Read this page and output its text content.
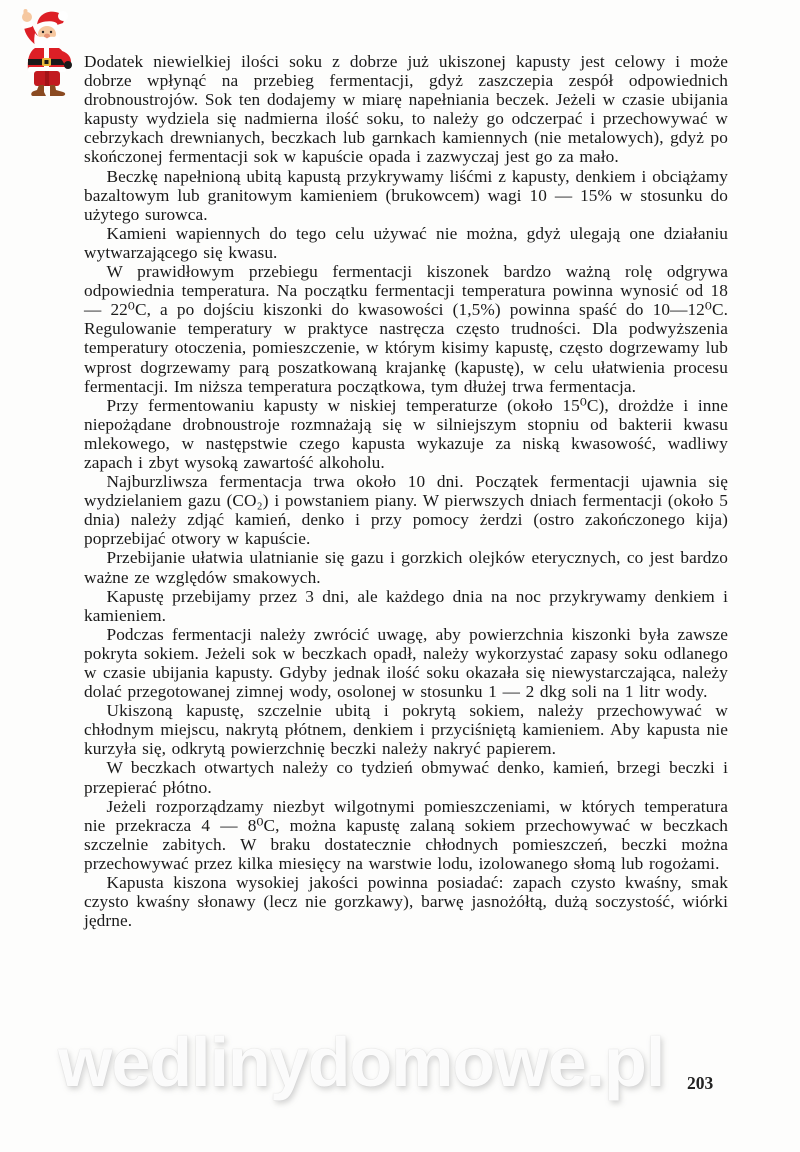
Dodatek niewielkiej ilości soku z dobrze już ukiszonej kapusty jest celowy i może dobrze wpłynąć na przebieg fermentacji, gdyż zaszczepia zespół odpowiednich drobnoustrojów. Sok ten dodajemy w miarę napełniania beczek. Jeżeli w czasie ubijania kapusty wydziela się nadmierna ilość soku, to należy go odczerpać i przechowywać w cebrzykach drewnianych, beczkach lub garnkach kamiennych (nie metalowych), gdyż po skończonej fermentacji sok w kapuście opada i zazwyczaj jest go za mało.

Beczkę napełnioną ubitą kapustą przykrywamy liśćmi z kapusty, denkiem i obciążamy bazaltowym lub granitowym kamieniem (brukowcem) wagi 10 — 15% w stosunku do użytego surowca.

Kamieni wapiennych do tego celu używać nie można, gdyż ulegają one działaniu wytwarzającego się kwasu.

W prawidłowym przebiegu fermentacji kiszonek bardzo ważną rolę odgrywa odpowiednia temperatura. Na początku fermentacji temperatura powinna wynosić od 18 — 22⁰C, a po dojściu kiszonki do kwasowości (1,5%) powinna spaść do 10—12⁰C. Regulowanie temperatury w praktyce nastręcza często trudności. Dla podwyższenia temperatury otoczenia, pomieszczenie, w którym kisimy kapustę, często dogrzewamy lub wprost dogrzewamy parą poszatkowaną krajankę (kapustę), w celu ułatwienia procesu fermentacji. Im niższa temperatura początkowa, tym dłużej trwa fermentacja.

Przy fermentowaniu kapusty w niskiej temperaturze (około 15⁰C), drożdże i inne niepożądane drobnoustroje rozmnażają się w silniejszym stopniu od bakterii kwasu mlekowego, w następstwie czego kapusta wykazuje za niską kwasowość, wadliwy zapach i zbyt wysoką zawartość alkoholu.

Najburzliwsza fermentacja trwa około 10 dni. Początek fermentacji ujawnia się wydzielaniem gazu (CO₂) i powstaniem piany. W pierwszych dniach fermentacji (około 5 dnia) należy zdjąć kamień, denko i przy pomocy żerdzi (ostro zakończonego kija) poprzebijać otwory w kapuście.

Przebijanie ułatwia ulatnianie się gazu i gorzkich olejków eterycznych, co jest bardzo ważne ze względów smakowych.

Kapustę przebijamy przez 3 dni, ale każdego dnia na noc przykrywamy denkiem i kamieniem.

Podczas fermentacji należy zwrócić uwagę, aby powierzchnia kiszonki była zawsze pokryta sokiem. Jeżeli sok w beczkach opadł, należy wykorzystać zapasy soku odlanego w czasie ubijania kapusty. Gdyby jednak ilość soku okazała się niewystarczająca, należy dolać przegotowanej zimnej wody, osolonej w stosunku 1 — 2 dkg soli na 1 litr wody.

Ukiszoną kapustę, szczelnie ubitą i pokrytą sokiem, należy przechowywać w chłodnym miejscu, nakrytą płótnem, denkiem i przyciśniętą kamieniem. Aby kapusta nie kurzyła się, odkrytą powierzchnię beczki należy nakryć papierem.

W beczkach otwartych należy co tydzień obmywać denko, kamień, brzegi beczki i przepierać płótno.

Jeżeli rozporządzamy niezbyt wilgotnymi pomieszczeniami, w których temperatura nie przekracza 4 — 8⁰C, można kapustę zalaną sokiem przechowywać w beczkach szczelnie zabitych. W braku dostatecznie chłodnych pomieszczeń, beczki można przechowywać przez kilka miesięcy na warstwie lodu, izolowanego słomą lub rogożami.

Kapusta kiszona wysokiej jakości powinna posiadać: zapach czysto kwaśny, smak czysto kwaśny słonawy (lecz nie gorzkawy), barwę jasnożółtą, dużą soczystość, wiórki jędrne.

wedlinydomowe.pl 203
